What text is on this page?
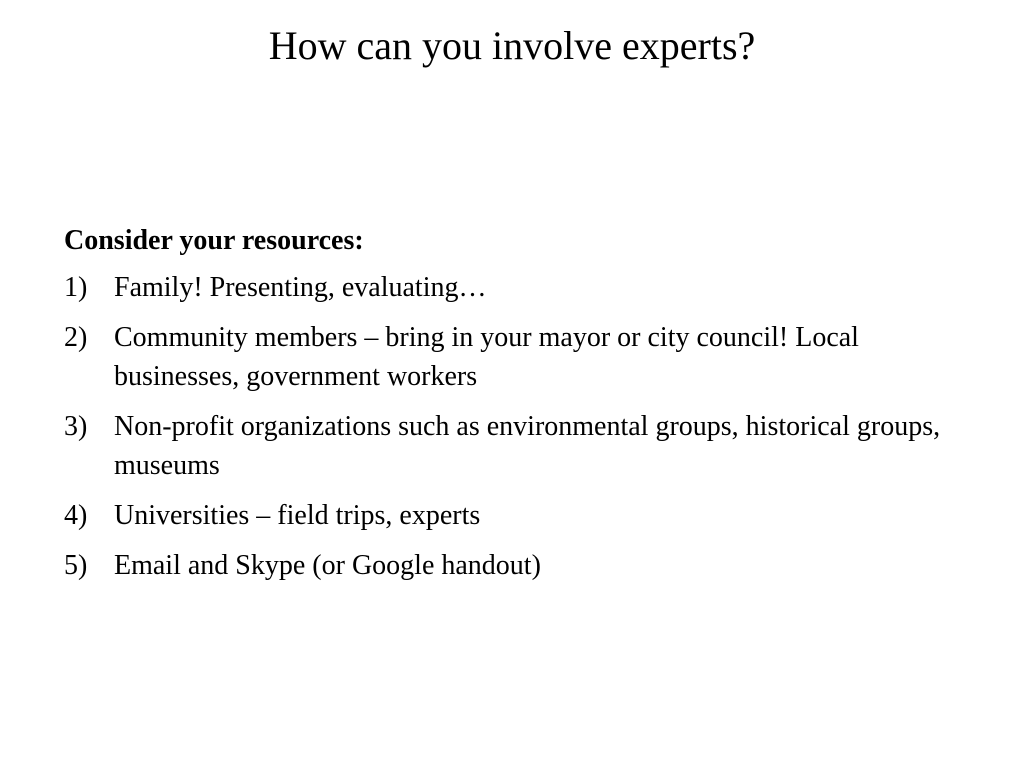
How can you involve experts?

Consider your resources:

1) Family! Presenting, evaluating…
2) Community members – bring in your mayor or city council! Local businesses, government workers
3) Non-profit organizations such as environmental groups, historical groups, museums
4) Universities – field trips, experts
5) Email and Skype (or Google handout)
